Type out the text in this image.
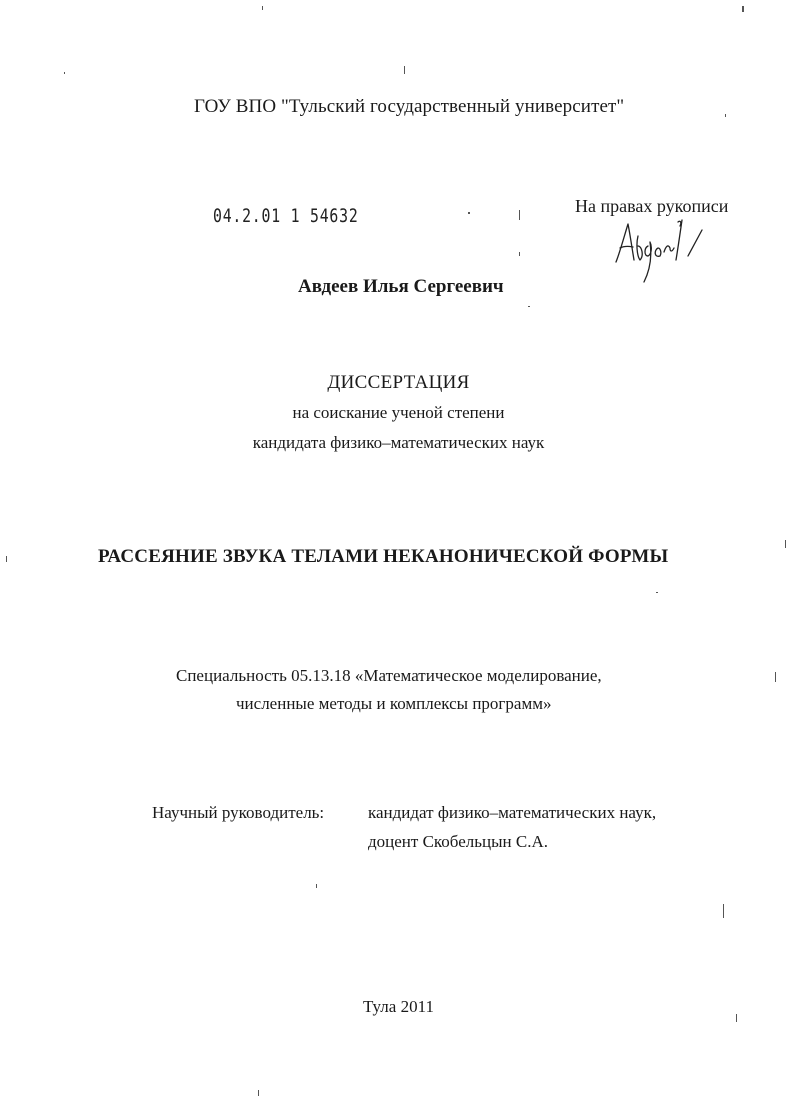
ГОУ ВПО "Тульский государственный университет"
04.2.01 1 54632	На правах рукописи
Авдеев Илья Сергеевич
ДИССЕРТАЦИЯ
на соискание ученой степени
кандидата физико–математических наук
РАССЕЯНИЕ ЗВУКА ТЕЛАМИ НЕКАНОНИЧЕСКОЙ ФОРМЫ
Специальность 05.13.18 «Математическое моделирование,
численные методы и комплексы программ»
Научный руководитель:	кандидат физико–математических наук,
доцент Скобельцын С.А.
Тула 2011
